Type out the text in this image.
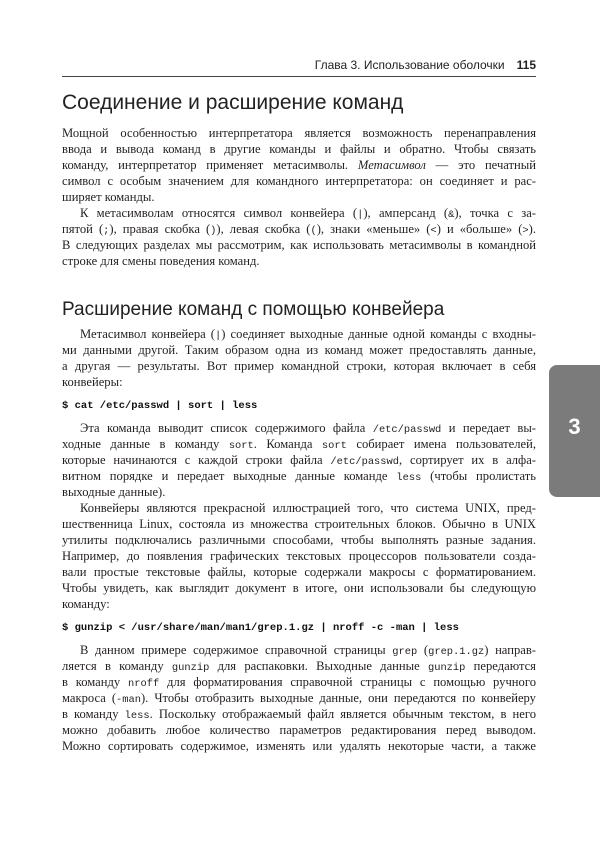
Глава 3. Использование оболочки 115
Соединение и расширение команд
Мощной особенностью интерпретатора является возможность перенаправления
ввода и вывода команд в другие команды и файлы и обратно. Чтобы связать
команду, интерпретатор применяет метасимволы. Метасимвол — это печатный
символ с особым значением для командного интерпретатора: он соединяет и рас-
ширяет команды.
К метасимволам относятся символ конвейера (|), амперсанд (&), точка с за-
пятой (;), правая скобка ()), левая скобка ((), знаки «меньше» (<) и «больше» (>).
В следующих разделах мы рассмотрим, как использовать метасимволы в командной
строке для смены поведения команд.
Расширение команд с помощью конвейера
Метасимвол конвейера (|) соединяет выходные данные одной команды с входны-
ми данными другой. Таким образом одна из команд может предоставлять данные,
а другая — результаты. Вот пример командной строки, которая включает в себя
конвейеры:
$ cat /etc/passwd | sort | less
Эта команда выводит список содержимого файла /etc/passwd и передает вы-
ходные данные в команду sort. Команда sort собирает имена пользователей,
которые начинаются с каждой строки файла /etc/passwd, сортирует их в алфа-
витном порядке и передает выходные данные команде less (чтобы пролистать
выходные данные).
Конвейеры являются прекрасной иллюстрацией того, что система UNIX, пред-
шественница Linux, состояла из множества строительных блоков. Обычно в UNIX
утилиты подключались различными способами, чтобы выполнять разные задания.
Например, до появления графических текстовых процессоров пользователи созда-
вали простые текстовые файлы, которые содержали макросы с форматированием.
Чтобы увидеть, как выглядит документ в итоге, они использовали бы следующую
команду:
$ gunzip < /usr/share/man/man1/grep.1.gz | nroff -c -man | less
В данном примере содержимое справочной страницы grep (grep.1.gz) направ-
ляется в команду gunzip для распаковки. Выходные данные gunzip передаются
в команду nroff для форматирования справочной страницы с помощью ручного
макроса (-man). Чтобы отобразить выходные данные, они передаются по конвейеру
в команду less. Поскольку отображаемый файл является обычным текстом, в него
можно добавить любое количество параметров редактирования перед выводом.
Можно сортировать содержимое, изменять или удалять некоторые части, а также
3
